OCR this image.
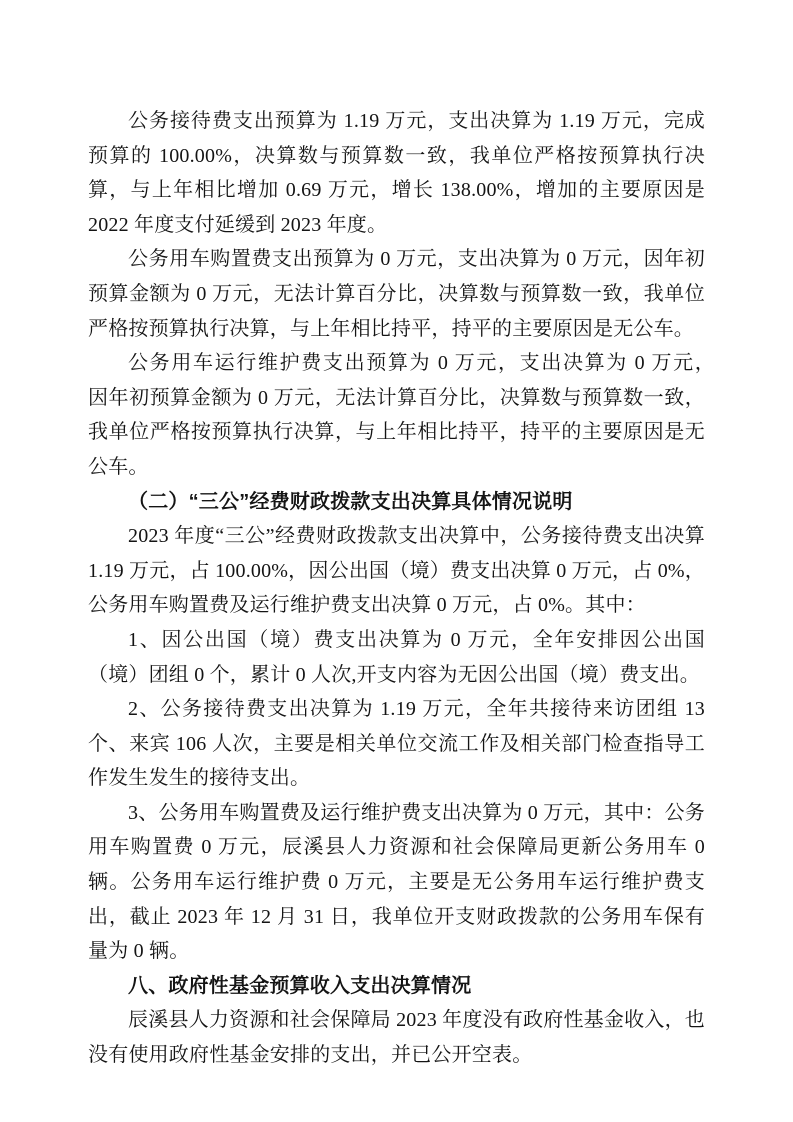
公务接待费支出预算为 1.19 万元，支出决算为 1.19 万元，完成预算的 100.00%，决算数与预算数一致，我单位严格按预算执行决算，与上年相比增加 0.69 万元，增长 138.00%，增加的主要原因是 2022 年度支付延缓到 2023 年度。

公务用车购置费支出预算为 0 万元，支出决算为 0 万元，因年初预算金额为 0 万元，无法计算百分比，决算数与预算数一致，我单位严格按预算执行决算，与上年相比持平，持平的主要原因是无公车。

公务用车运行维护费支出预算为 0 万元，支出决算为 0 万元，　　因年初预算金额为 0 万元，无法计算百分比，决算数与预算数一致，我单位严格按预算执行决算，与上年相比持平，持平的主要原因是无公车。

（二）“三公”经费财政拨款支出决算具体情况说明

2023 年度“三公”经费财政拨款支出决算中，公务接待费支出决算 1.19 万元，占 100.00%，因公出国（境）费支出决算 0 万元，占 0%，公务用车购置费及运行维护费支出决算 0 万元，占 0%。其中：

1、因公出国（境）费支出决算为 0 万元，全年安排因公出国（境）团组 0 个，累计 0 人次,开支内容为无因公出国（境）费支出。

2、公务接待费支出决算为 1.19 万元，全年共接待来访团组 13 个、来宾 106 人次，主要是相关单位交流工作及相关部门检查指导工作发生发生的接待支出。

3、公务用车购置费及运行维护费支出决算为 0 万元，其中：公务用车购置费 0 万元，辰溪县人力资源和社会保障局更新公务用车 0 辆。公务用车运行维护费 0 万元，主要是无公务用车运行维护费支出，截止 2023 年 12 月 31 日，我单位开支财政拨款的公务用车保有量为 0 辆。

八、政府性基金预算收入支出决算情况

辰溪县人力资源和社会保障局 2023 年度没有政府性基金收入，也没有使用政府性基金安排的支出，并已公开空表。
